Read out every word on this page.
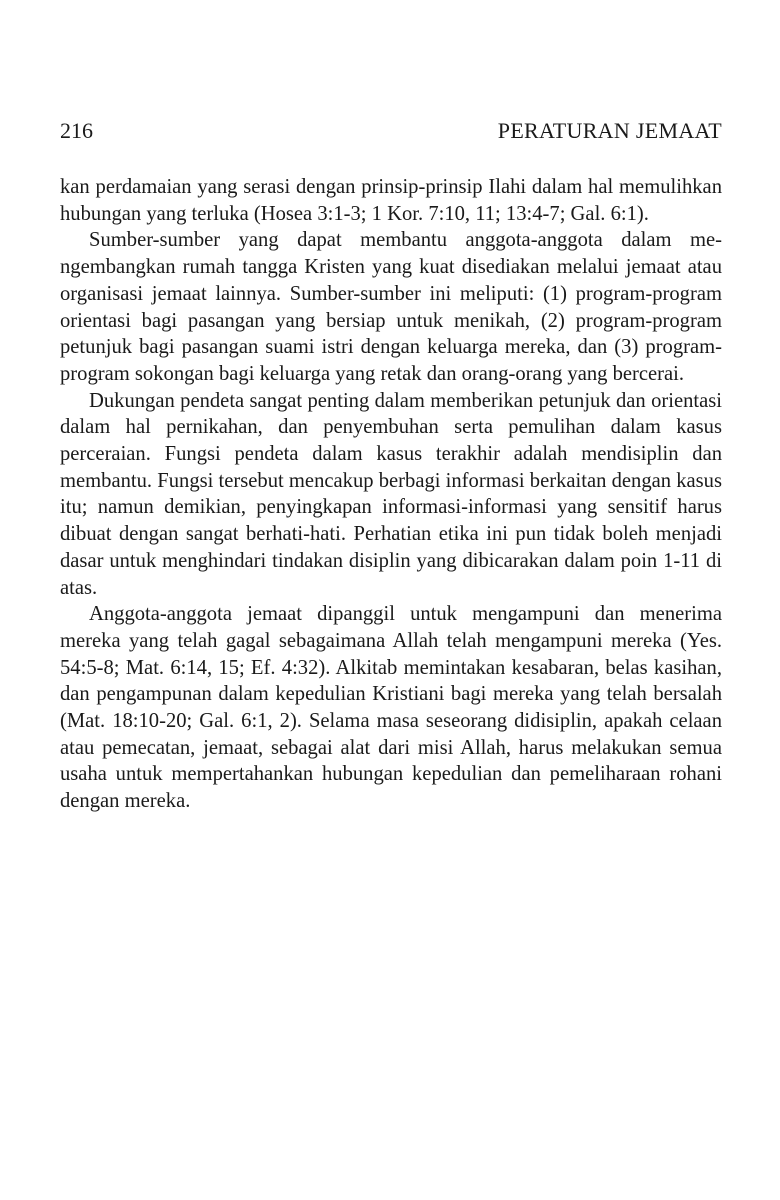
216	PERATURAN JEMAAT

kan perdamaian yang serasi dengan prinsip-prinsip Ilahi dalam hal memulihkan hubungan yang terluka (Hosea 3:1-3; 1 Kor. 7:10, 11; 13:4-7; Gal. 6:1).

Sumber-sumber yang dapat membantu anggota-anggota dalam mengembangkan rumah tangga Kristen yang kuat disediakan melalui jemaat atau organisasi jemaat lainnya. Sumber-sumber ini meliputi: (1) program-program orientasi bagi pasangan yang bersiap untuk menikah, (2) program-program petunjuk bagi pasangan suami istri dengan keluarga mereka, dan (3) program-program sokongan bagi keluarga yang retak dan orang-orang yang bercerai.

Dukungan pendeta sangat penting dalam memberikan petunjuk dan orientasi dalam hal pernikahan, dan penyembuhan serta pemulihan dalam kasus perceraian. Fungsi pendeta dalam kasus terakhir adalah mendisiplin dan membantu. Fungsi tersebut mencakup berbagi informasi berkaitan dengan kasus itu; namun demikian, penyingkapan informasi-informasi yang sensitif harus dibuat dengan sangat berhati-hati. Perhatian etika ini pun tidak boleh menjadi dasar untuk menghindari tindakan disiplin yang dibicarakan dalam poin 1-11 di atas.

Anggota-anggota jemaat dipanggil untuk mengampuni dan menerima mereka yang telah gagal sebagaimana Allah telah mengampuni mereka (Yes. 54:5-8; Mat. 6:14, 15; Ef. 4:32). Alkitab memintakan kesabaran, belas kasihan, dan pengampunan dalam kepedulian Kristiani bagi mereka yang telah bersalah (Mat. 18:10-20; Gal. 6:1, 2). Selama masa seseorang didisiplin, apakah celaan atau pemecatan, jemaat, sebagai alat dari misi Allah, harus melakukan semua usaha untuk mempertahankan hubungan kepedulian dan pemeliharaan rohani dengan mereka.
